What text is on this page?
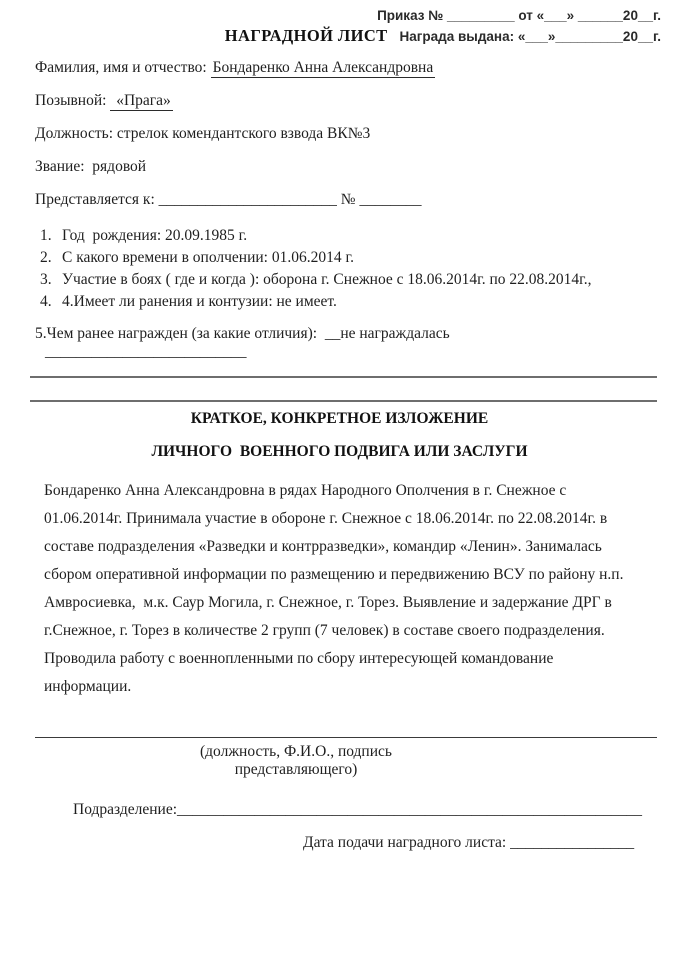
Приказ № _________ от «___» ______20__г.
НАГРАДНОЙ ЛИСТ Награда выдана: «___»_________20__г.
Фамилия, имя и отчество: Бондаренко Анна Александровна
Позывной:  «Прага»
Должность: стрелок комендантского взвода ВК№3
Звание:  рядовой
Представляется к: _______________________ № ________
1. Год  рождения: 20.09.1985 г.
2. С какого времени в ополчении: 01.06.2014 г.
3. Участие в боях ( где и когда ): оборона г. Снежное с 18.06.2014г. по 22.08.2014г.,
4. 4.Имеет ли ранения и контузии: не имеет.
5.Чем ранее награжден (за какие отличия):  __не награждалась __________________________
КРАТКОЕ, КОНКРЕТНОЕ ИЗЛОЖЕНИЕ
ЛИЧНОГО  ВОЕННОГО ПОДВИГА ИЛИ ЗАСЛУГИ
Бондаренко Анна Александровна в рядах Народного Ополчения в г. Снежное с 01.06.2014г. Принимала участие в обороне г. Снежное с 18.06.2014г. по 22.08.2014г. в составе подразделения «Разведки и контрразведки», командир «Ленин». Занималась сбором оперативной информации по размещению и передвижению ВСУ по району н.п. Амвросиевка,  м.к. Саур Могила, г. Снежное, г. Торез. Выявление и задержание ДРГ в г.Снежное, г. Торез в количестве 2 групп (7 человек) в составе своего подразделения. Проводила работу с военнопленными по сбору интересующей командование информации.
(должность, Ф.И.О., подпись представляющего)
Подразделение:____________________________________________________________
Дата подачи наградного листа: ________________
